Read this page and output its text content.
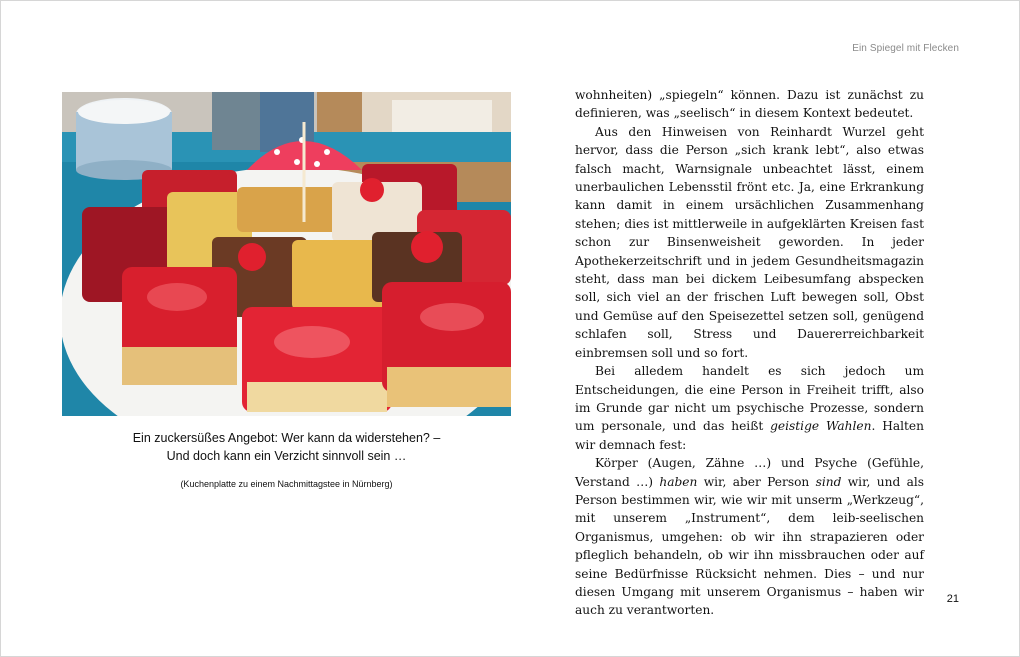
Ein Spiegel mit Flecken
Ein zuckersüßes Angebot: Wer kann da widerstehen? –
Und doch kann ein Verzicht sinnvoll sein …
(Kuchenplatte zu einem Nachmittagstee in Nürnberg)

wohnheiten) „spiegeln“ können. Dazu ist zunächst zu definieren, was „seelisch“ in diesem Kontext bedeutet.

Aus den Hinweisen von Reinhardt Wurzel geht hervor, dass die Person „sich krank lebt“, also etwas falsch macht, Warnsignale unbeachtet lässt, einem unerbaulichen Lebensstil frönt etc. Ja, eine Erkrankung kann damit in einem ursächlichen Zusammenhang stehen; dies ist mittlerweile in aufgeklärten Kreisen fast schon zur Binsenweisheit geworden. In jeder Apothekerzeitschrift und in jedem Gesundheitsmagazin steht, dass man bei dickem Leibesumfang abspecken soll, sich viel an der frischen Luft bewegen soll, Obst und Gemüse auf den Speisezettel setzen soll, genügend schlafen soll, Stress und Dauererreichbarkeit einbremsen soll und so fort.

Bei alledem handelt es sich jedoch um Entscheidungen, die eine Person in Freiheit trifft, also im Grunde gar nicht um psychische Prozesse, sondern um personale, und das heißt geistige Wahlen. Halten wir demnach fest:

Körper (Augen, Zähne …) und Psyche (Gefühle, Verstand …) haben wir, aber Person sind wir, und als Person bestimmen wir, wie wir mit unserm „Werkzeug“, mit unserem „Instrument“, dem leib-seelischen Organismus, umgehen: ob wir ihn strapazieren oder pfleglich behandeln, ob wir ihn missbrauchen oder auf seine Bedürfnisse Rücksicht nehmen. Dies – und nur diesen Umgang mit unserem Organismus – haben wir auch zu verantworten.

21
